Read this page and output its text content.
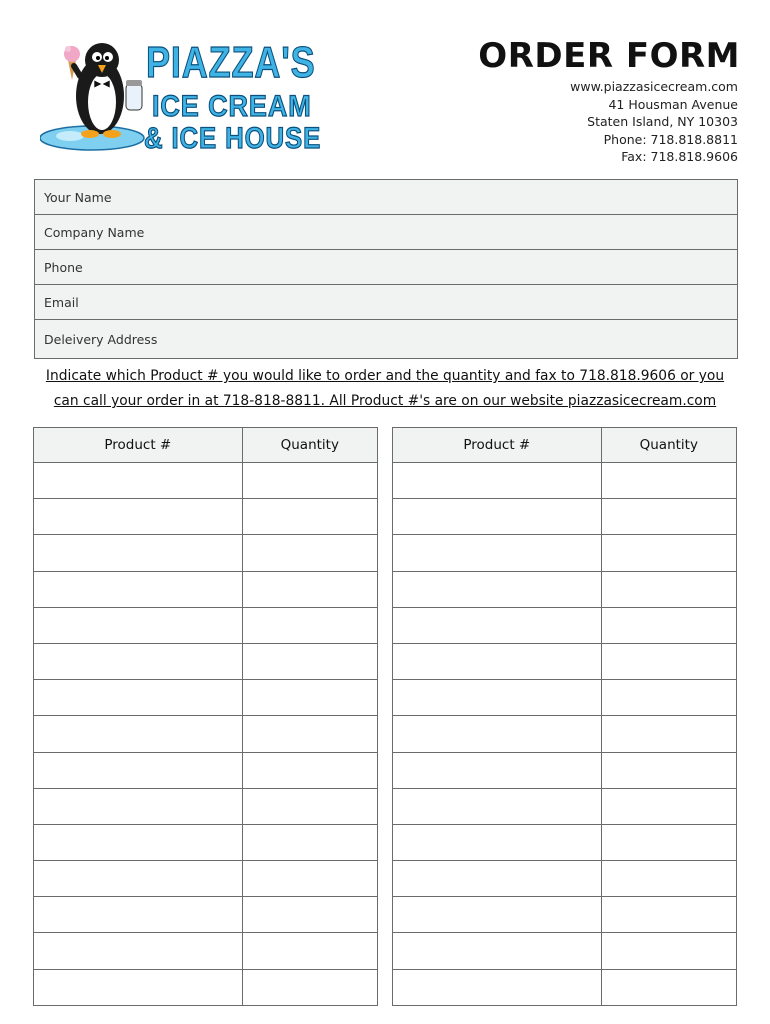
PIAZZA'S
ICE CREAM
& ICE HOUSE
ORDER FORM
www.piazzasicecream.com
41 Housman Avenue
Staten Island, NY 10303
Phone: 718.818.8811
Fax: 718.818.9606
Your Name
Company Name
Phone
Email
Deleivery Address
Indicate which Product # you would like to order and the quantity and fax to 718.818.9606 or you
can call your order in at 718-818-8811. All Product #'s are on our website piazzasicecream.com
Product #	Quantity

		Product #	Quantity
